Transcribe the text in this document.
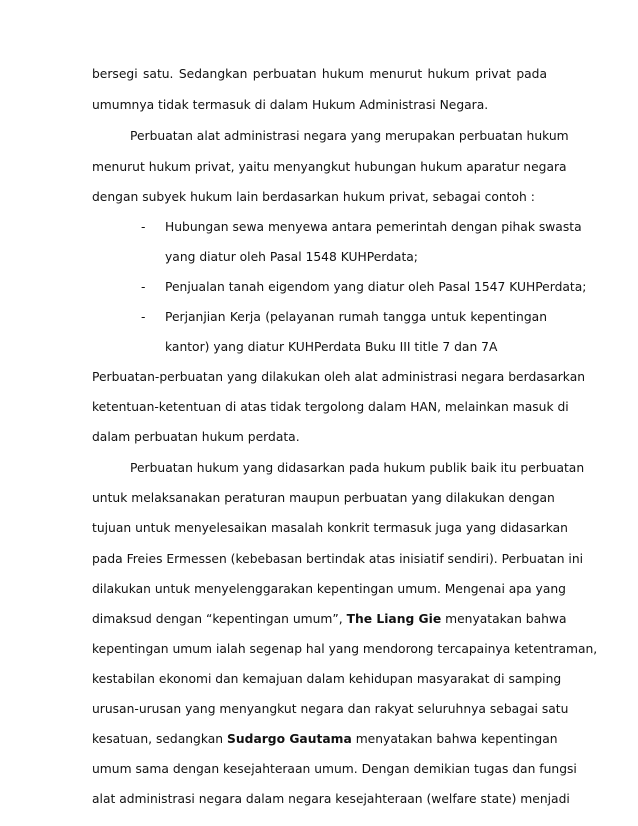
bersegi satu. Sedangkan perbuatan hukum menurut hukum privat pada
umumnya tidak termasuk di dalam Hukum Administrasi Negara.
Perbuatan alat administrasi negara yang merupakan perbuatan hukum
menurut hukum privat, yaitu menyangkut hubungan hukum aparatur negara
dengan subyek hukum lain berdasarkan hukum privat, sebagai contoh :
- Hubungan sewa menyewa antara pemerintah dengan pihak swasta
yang diatur oleh Pasal 1548 KUHPerdata;
- Penjualan tanah eigendom yang diatur oleh Pasal 1547 KUHPerdata;
- Perjanjian Kerja (pelayanan rumah tangga untuk kepentingan
kantor) yang diatur KUHPerdata Buku III title 7 dan 7A
Perbuatan-perbuatan yang dilakukan oleh alat administrasi negara berdasarkan
ketentuan-ketentuan di atas tidak tergolong dalam HAN, melainkan masuk di
dalam perbuatan hukum perdata.
Perbuatan hukum yang didasarkan pada hukum publik baik itu perbuatan
untuk melaksanakan peraturan maupun perbuatan yang dilakukan dengan
tujuan untuk menyelesaikan masalah konkrit termasuk juga yang didasarkan
pada Freies Ermessen (kebebasan bertindak atas inisiatif sendiri). Perbuatan ini
dilakukan untuk menyelenggarakan kepentingan umum. Mengenai apa yang
dimaksud dengan “kepentingan umum”, The Liang Gie menyatakan bahwa
kepentingan umum ialah segenap hal yang mendorong tercapainya ketentraman,
kestabilan ekonomi dan kemajuan dalam kehidupan masyarakat di samping
urusan-urusan yang menyangkut negara dan rakyat seluruhnya sebagai satu
kesatuan, sedangkan Sudargo Gautama menyatakan bahwa kepentingan
umum sama dengan kesejahteraan umum. Dengan demikian tugas dan fungsi
alat administrasi negara dalam negara kesejahteraan (welfare state) menjadi
